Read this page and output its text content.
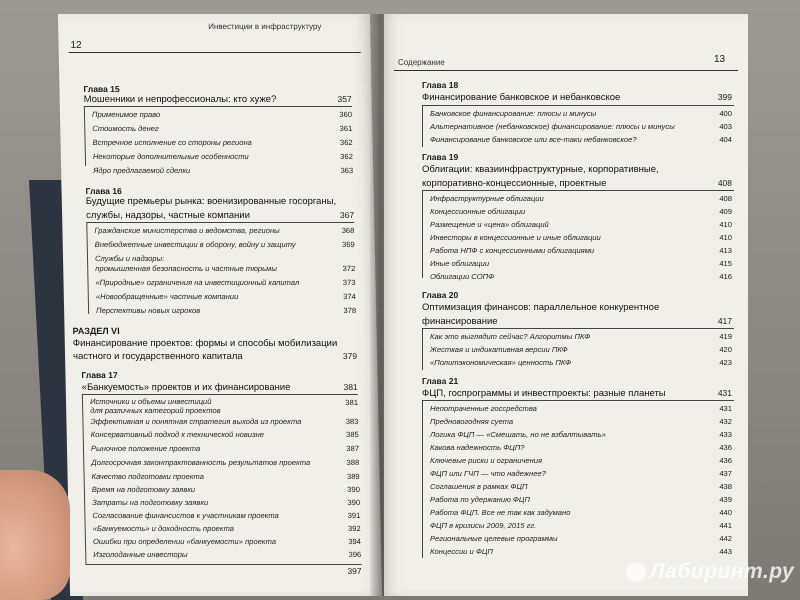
Инвестиции в инфраструктуру
12
Глава 15
Мошенники и непрофессионалы: кто хуже?	357
Применимое право	360
Стоимость денег	361
Встречное исполнение со стороны региона	362
Некоторые дополнительные особенности	362
Ядро предлагаемой сделки	363
Глава 16
Будущие премьеры рынка: военизированные госорганы,
службы, надзоры, частные компании	367
Гражданские министерства и ведомства, регионы	368
Внебюджетные инвестиции в оборону, войну и защиту	369
Службы и надзоры:
промышленная безопасность и частные тюрьмы	372
«Природные» ограничения на инвестиционный капитал	373
«Новообращенные» частные компании	374
Перспективы новых игроков	378
РАЗДЕЛ VI
Финансирование проектов: формы и способы мобилизации
частного и государственного капитала	379
Глава 17
«Банкуемость» проектов и их финансирование	381
Источники и объемы инвестиций
для различных категорий проектов
381
Эффективная и понятная стратегия выхода из проекта	383
Консервативный подход к технической новизне	385
Рыночное положение проекта	387
Долгосрочная законтрактованность результатов проекта	388
Качество подготовки проекта	389
Время на подготовку заявки	390
Затраты на подготовку заявки	390
Согласование финансистов к участникам проекта	391
«Банкуемость» и доходность проекта	392
Ошибки при определении «банкуемости» проекта	394
Изголоданные инвесторы	396
397
Содержание	13
Глава 18
Финансирование банковское и небанковское	399
Банковское финансирование: плюсы и минусы	400
Альтернативное (небанковское) финансирование: плюсы и минусы	403
Финансирование банковское или все-таки небанковское?	404
Глава 19
Облигации: квазиинфраструктурные, корпоративные,
корпоративно-концессионные, проектные	408
Инфраструктурные облигации	408
Концессионные облигации	409
Размещение и «цена» облигаций	410
Инвесторы в концессионные и иные облигации	410
Работа НПФ с концессионными облигациями	413
Иные облигации	415
Облигации СОПФ	416
Глава 20
Оптимизация финансов: параллельное конкурентное
финансирование	417
Как это выглядит сейчас? Алгоритмы ПКФ	419
Жесткая и индикативная версии ПКФ	420
«Политэкономическая» ценность ПКФ	423
Глава 21
ФЦП, госпрограммы и инвестпроекты: разные планеты	431
Непотраченные госсредства	431
Предновогодняя суета	432
Логика ФЦП — «Смешать, но не взбалтывать»	433
Какова надежность ФЦП?	436
Ключевые риски и ограничения	436
ФЦП или ГЧП — что надежнее?	437
Соглашения в рамках ФЦП	438
Работа по удержанию ФЦП	439
Работа ФЦП. Все не так как задумано	440
ФЦП в кризисы 2009, 2015 гг.	441
Региональные целевые программы	442
Концессии и ФЦП	443
Лабиринт.ру
